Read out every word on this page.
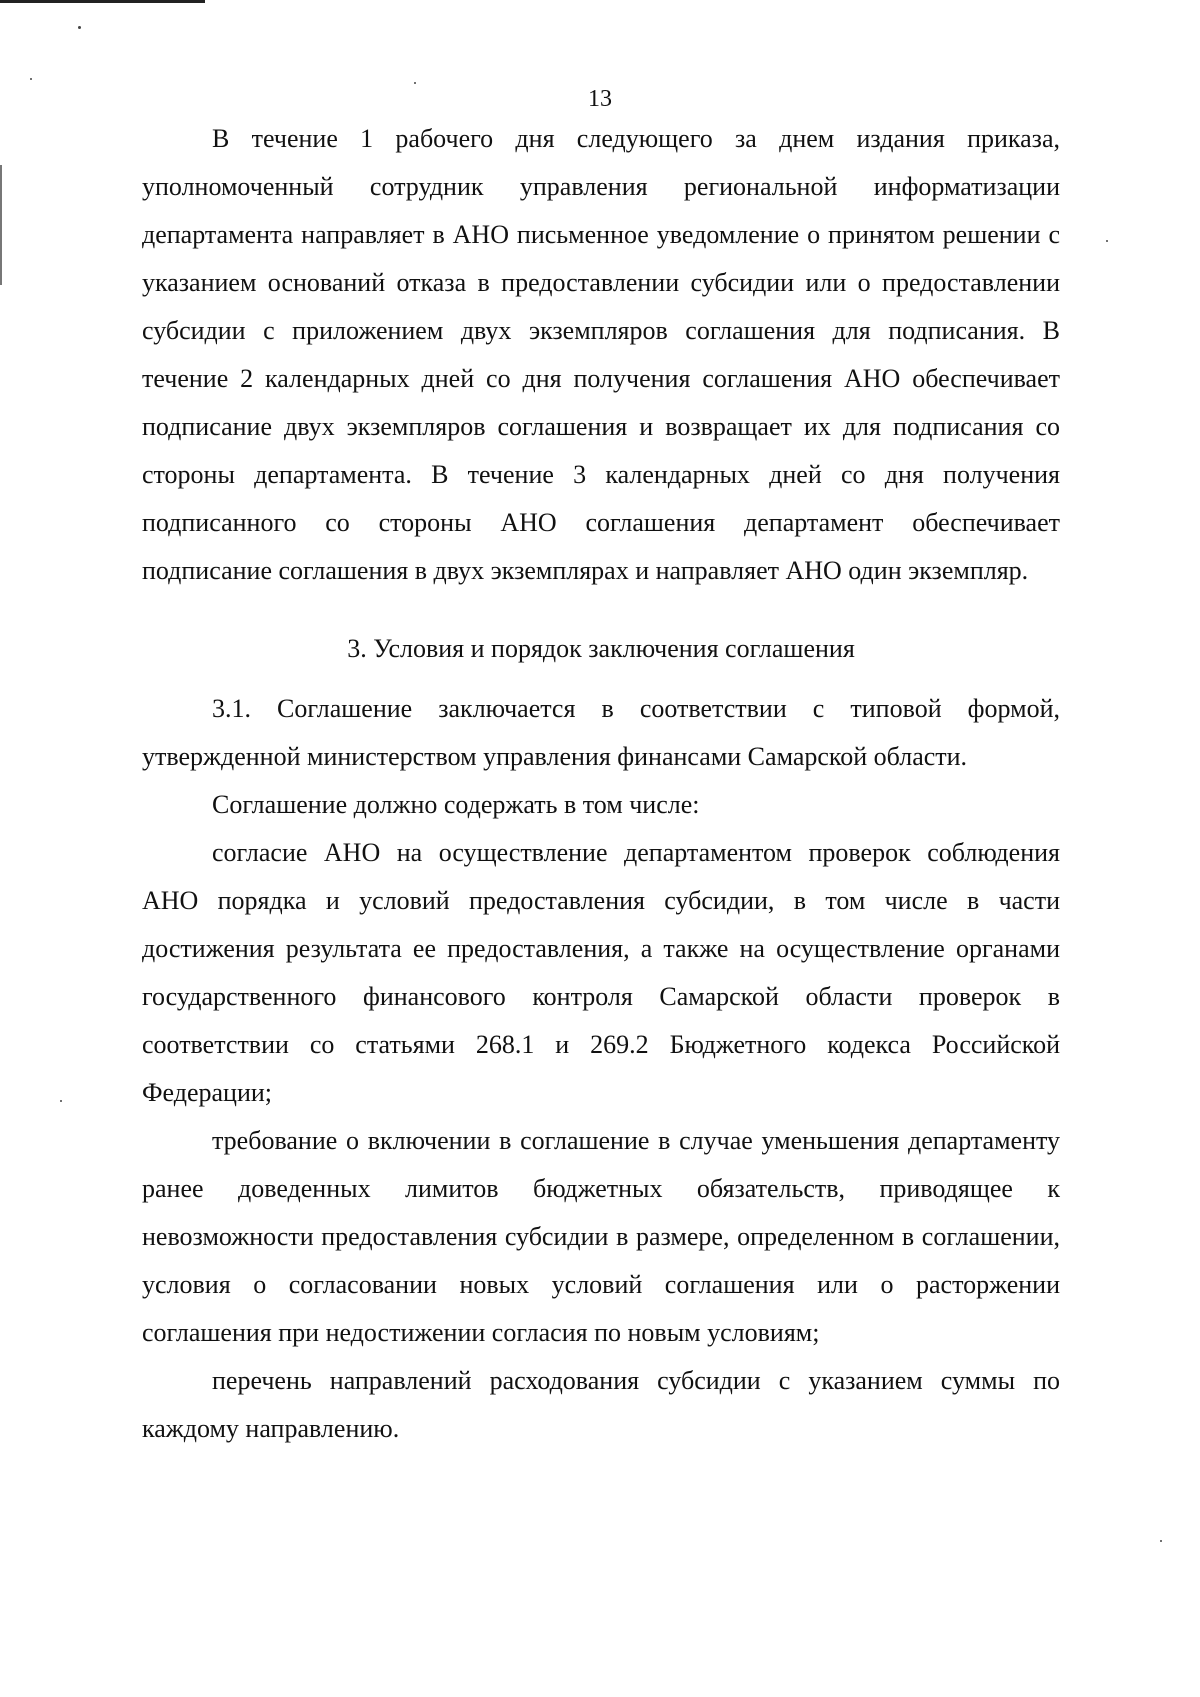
13

В течение 1 рабочего дня следующего за днем издания приказа, уполномоченный сотрудник управления региональной информатизации департамента направляет в АНО письменное уведомление о принятом решении с указанием оснований отказа в предоставлении субсидии или о предоставлении субсидии с приложением двух экземпляров соглашения для подписания. В течение 2 календарных дней со дня получения соглашения АНО обеспечивает подписание двух экземпляров соглашения и возвращает их для подписания со стороны департамента. В течение 3 календарных дней со дня получения подписанного со стороны АНО соглашения департамент обеспечивает подписание соглашения в двух экземплярах и направляет АНО один экземпляр.

3. Условия и порядок заключения соглашения

3.1. Соглашение заключается в соответствии с типовой формой, утвержденной министерством управления финансами Самарской области.

Соглашение должно содержать в том числе:

согласие АНО на осуществление департаментом проверок соблюдения АНО порядка и условий предоставления субсидии, в том числе в части достижения результата ее предоставления, а также на осуществление органами государственного финансового контроля Самарской области проверок в соответствии со статьями 268.1 и 269.2 Бюджетного кодекса Российской Федерации;

требование о включении в соглашение в случае уменьшения департаменту ранее доведенных лимитов бюджетных обязательств, приводящее к невозможности предоставления субсидии в размере, определенном в соглашении, условия о согласовании новых условий соглашения или о расторжении соглашения при недостижении согласия по новым условиям;

перечень направлений расходования субсидии с указанием суммы по каждому направлению.
